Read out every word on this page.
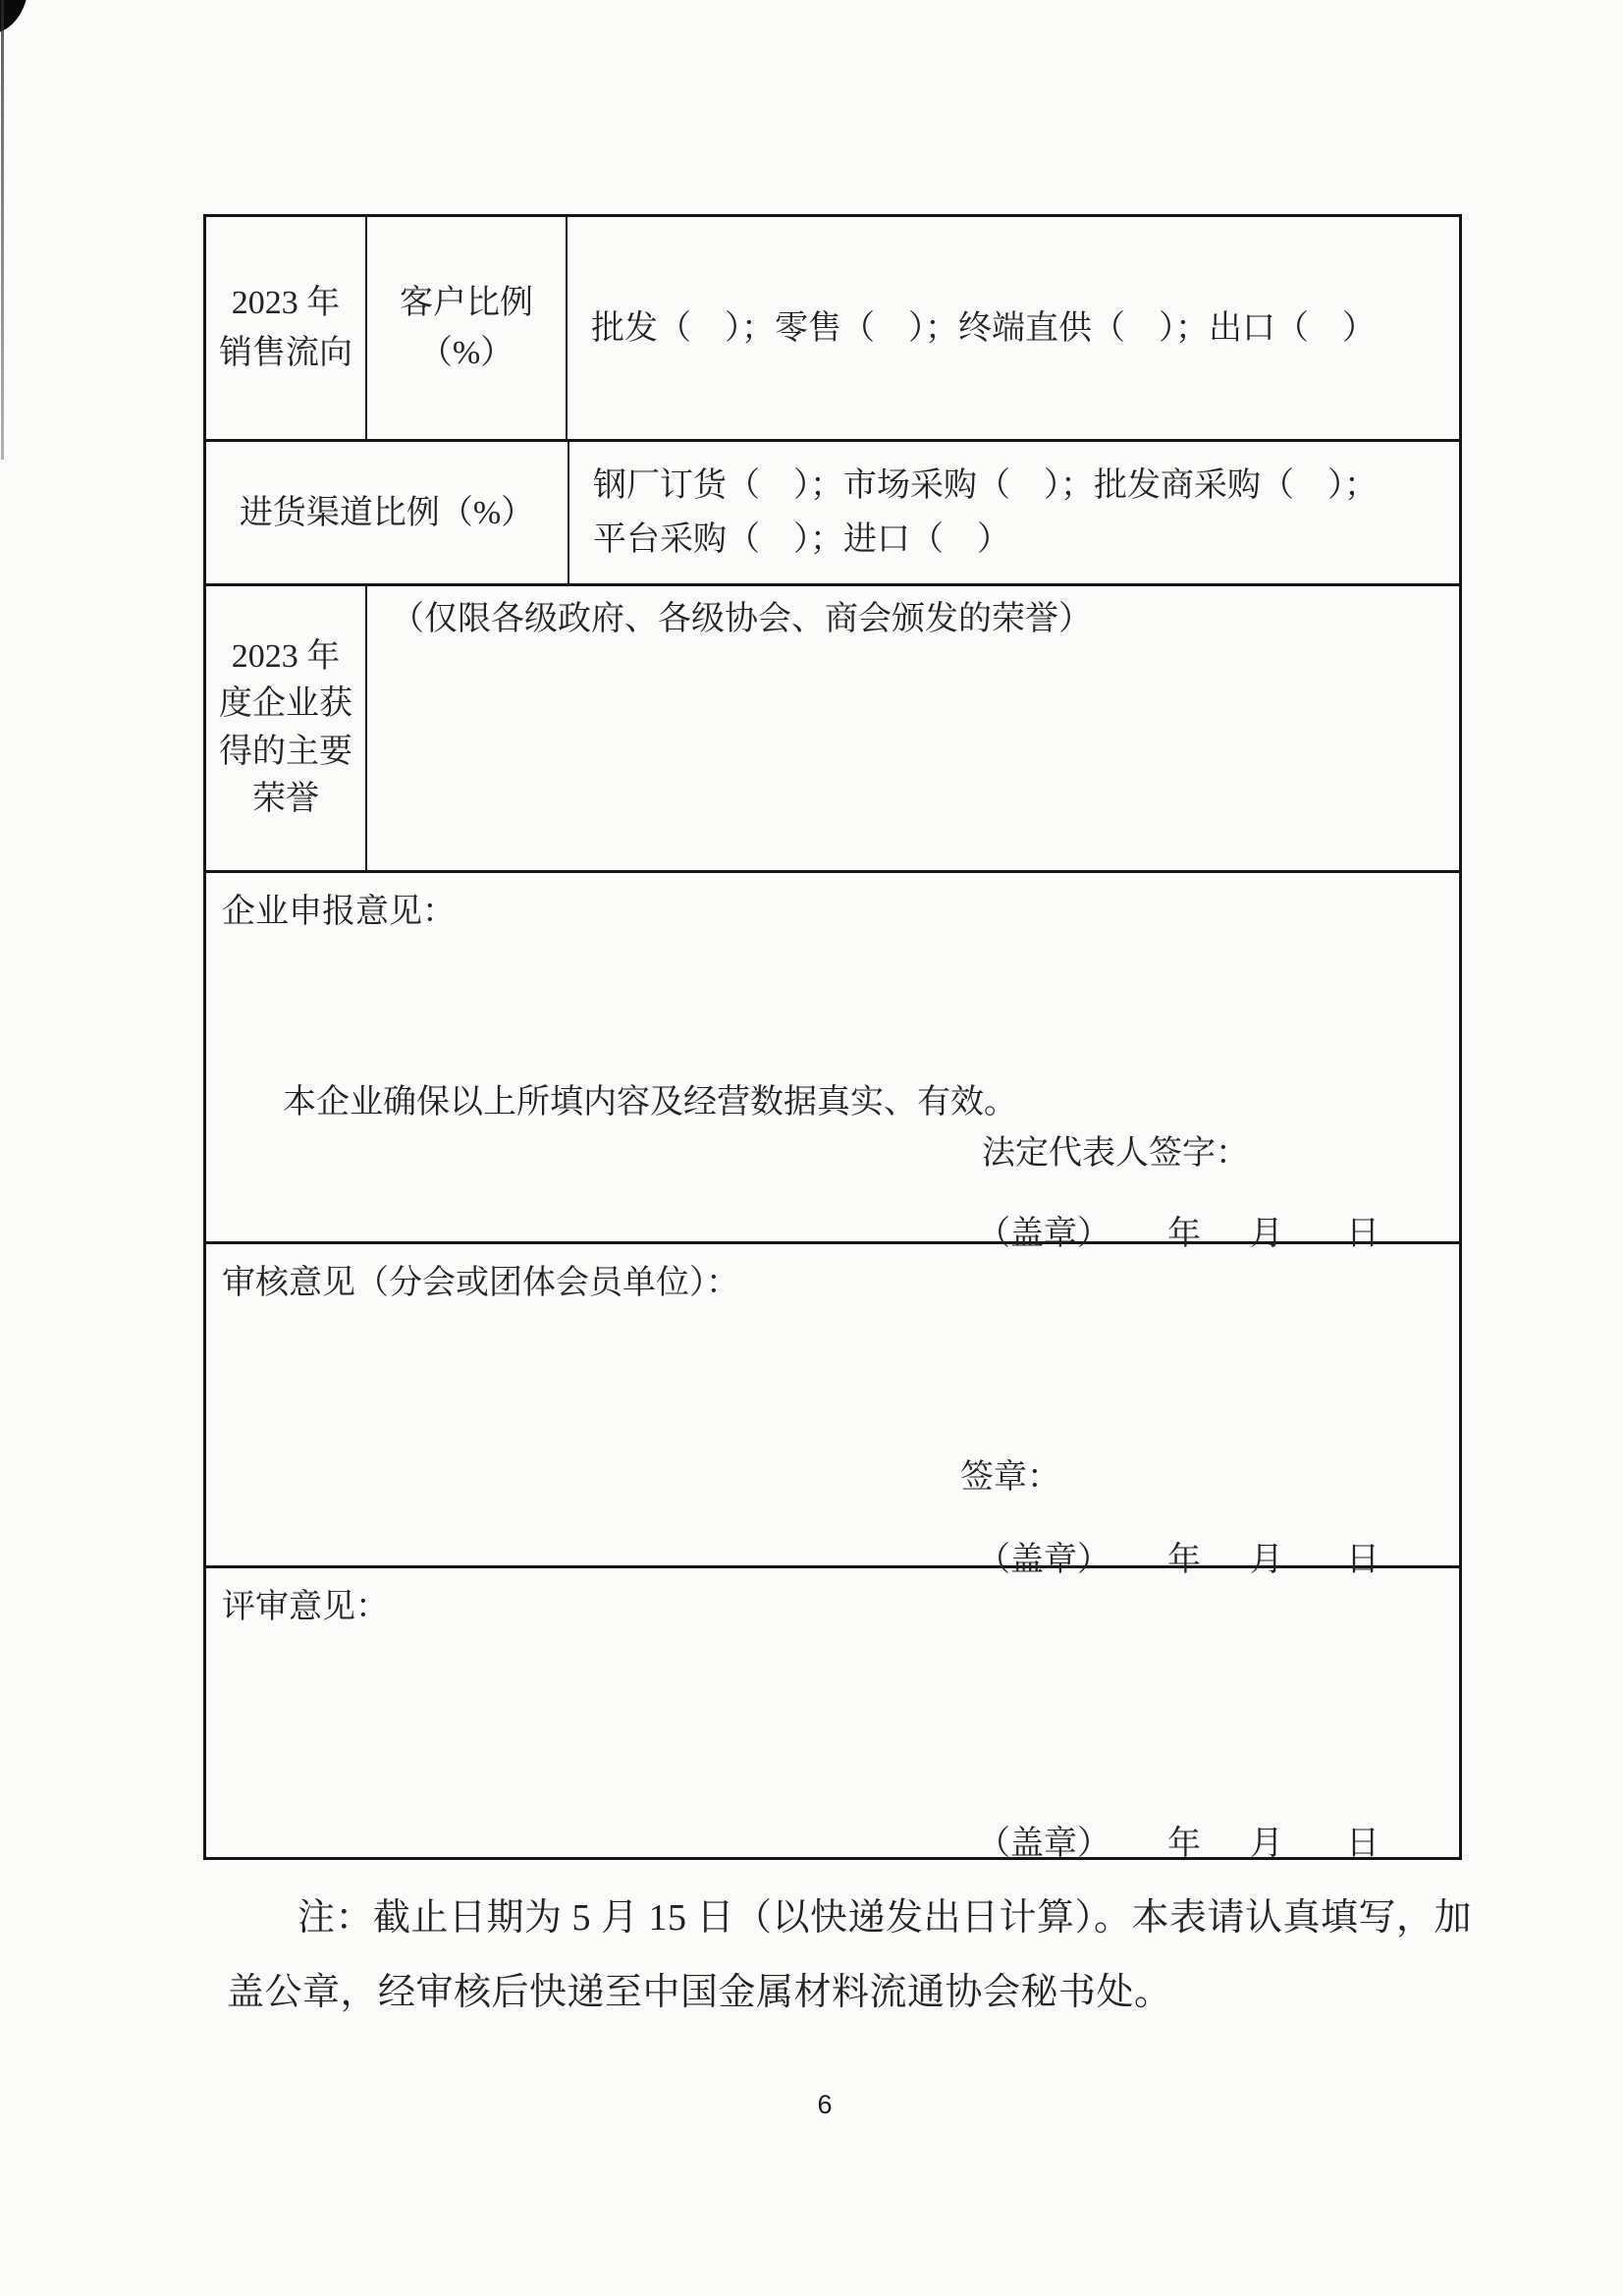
2023 年
销售流向
客户比例
（%）
批发（　）；零售（　）；终端直供（　）；出口（　）
进货渠道比例（%）
钢厂订货（　）；市场采购（　）；批发商采购（　）；
平台采购（　）；进口（　）
2023 年
度企业获
得的主要
荣誉
（仅限各级政府、各级协会、商会颁发的荣誉）
企业申报意见：
本企业确保以上所填内容及经营数据真实、有效。
法定代表人签字：
（盖章） 年 月 日
审核意见（分会或团体会员单位）：
签章：
（盖章） 年 月 日
评审意见：
（盖章） 年 月 日
注：截止日期为 5 月 15 日（以快递发出日计算）。本表请认真填写，加
盖公章，经审核后快递至中国金属材料流通协会秘书处。
6
